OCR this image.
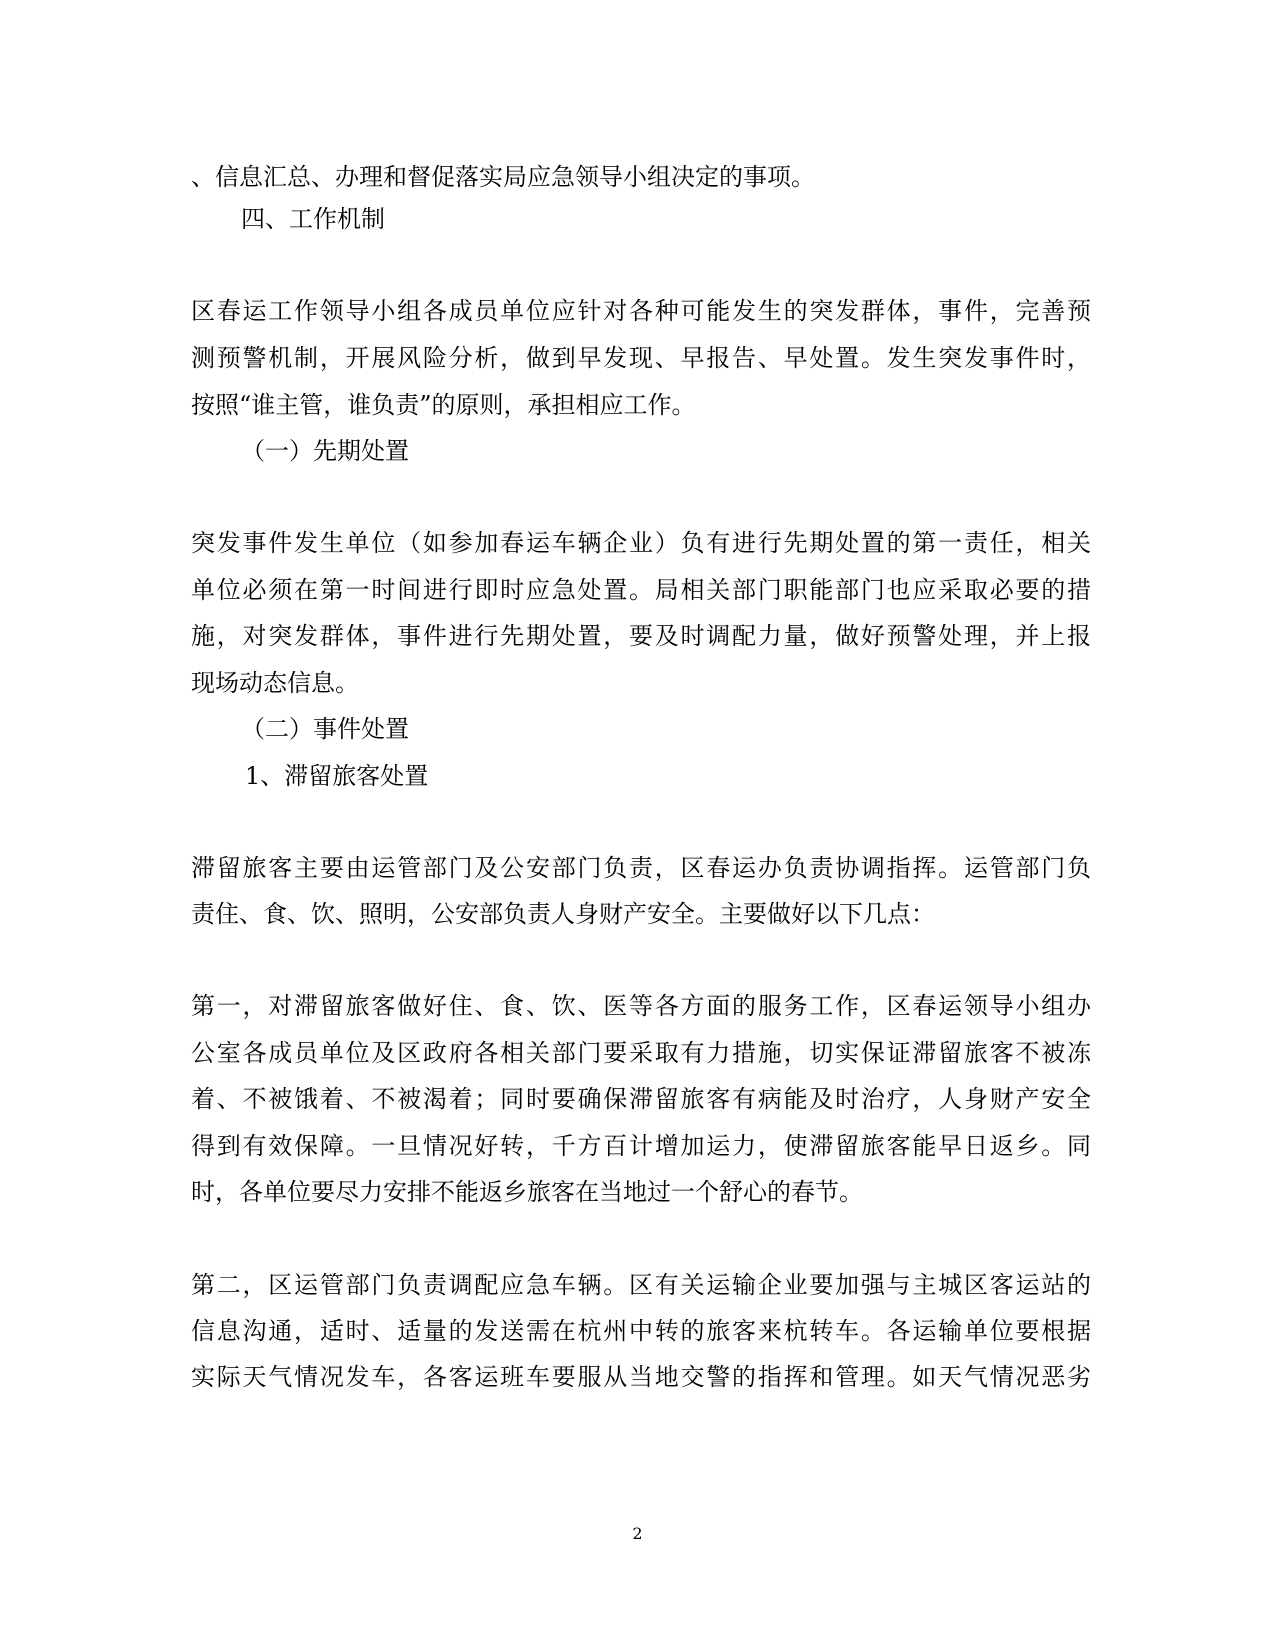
、信息汇总、办理和督促落实局应急领导小组决定的事项。
四、工作机制
区春运工作领导小组各成员单位应针对各种可能发生的突发群体，事件，完善预
测预警机制，开展风险分析，做到早发现、早报告、早处置。发生突发事件时，
按照“谁主管，谁负责”的原则，承担相应工作。
（一）先期处置
突发事件发生单位（如参加春运车辆企业）负有进行先期处置的第一责任，相关
单位必须在第一时间进行即时应急处置。局相关部门职能部门也应采取必要的措
施，对突发群体，事件进行先期处置，要及时调配力量，做好预警处理，并上报
现场动态信息。
（二）事件处置
1、滞留旅客处置
滞留旅客主要由运管部门及公安部门负责，区春运办负责协调指挥。运管部门负
责住、食、饮、照明，公安部负责人身财产安全。主要做好以下几点：
第一，对滞留旅客做好住、食、饮、医等各方面的服务工作，区春运领导小组办
公室各成员单位及区政府各相关部门要采取有力措施，切实保证滞留旅客不被冻
着、不被饿着、不被渴着；同时要确保滞留旅客有病能及时治疗，人身财产安全
得到有效保障。一旦情况好转，千方百计增加运力，使滞留旅客能早日返乡。同
时，各单位要尽力安排不能返乡旅客在当地过一个舒心的春节。
第二，区运管部门负责调配应急车辆。区有关运输企业要加强与主城区客运站的
信息沟通，适时、适量的发送需在杭州中转的旅客来杭转车。各运输单位要根据
实际天气情况发车，各客运班车要服从当地交警的指挥和管理。如天气情况恶劣
2
